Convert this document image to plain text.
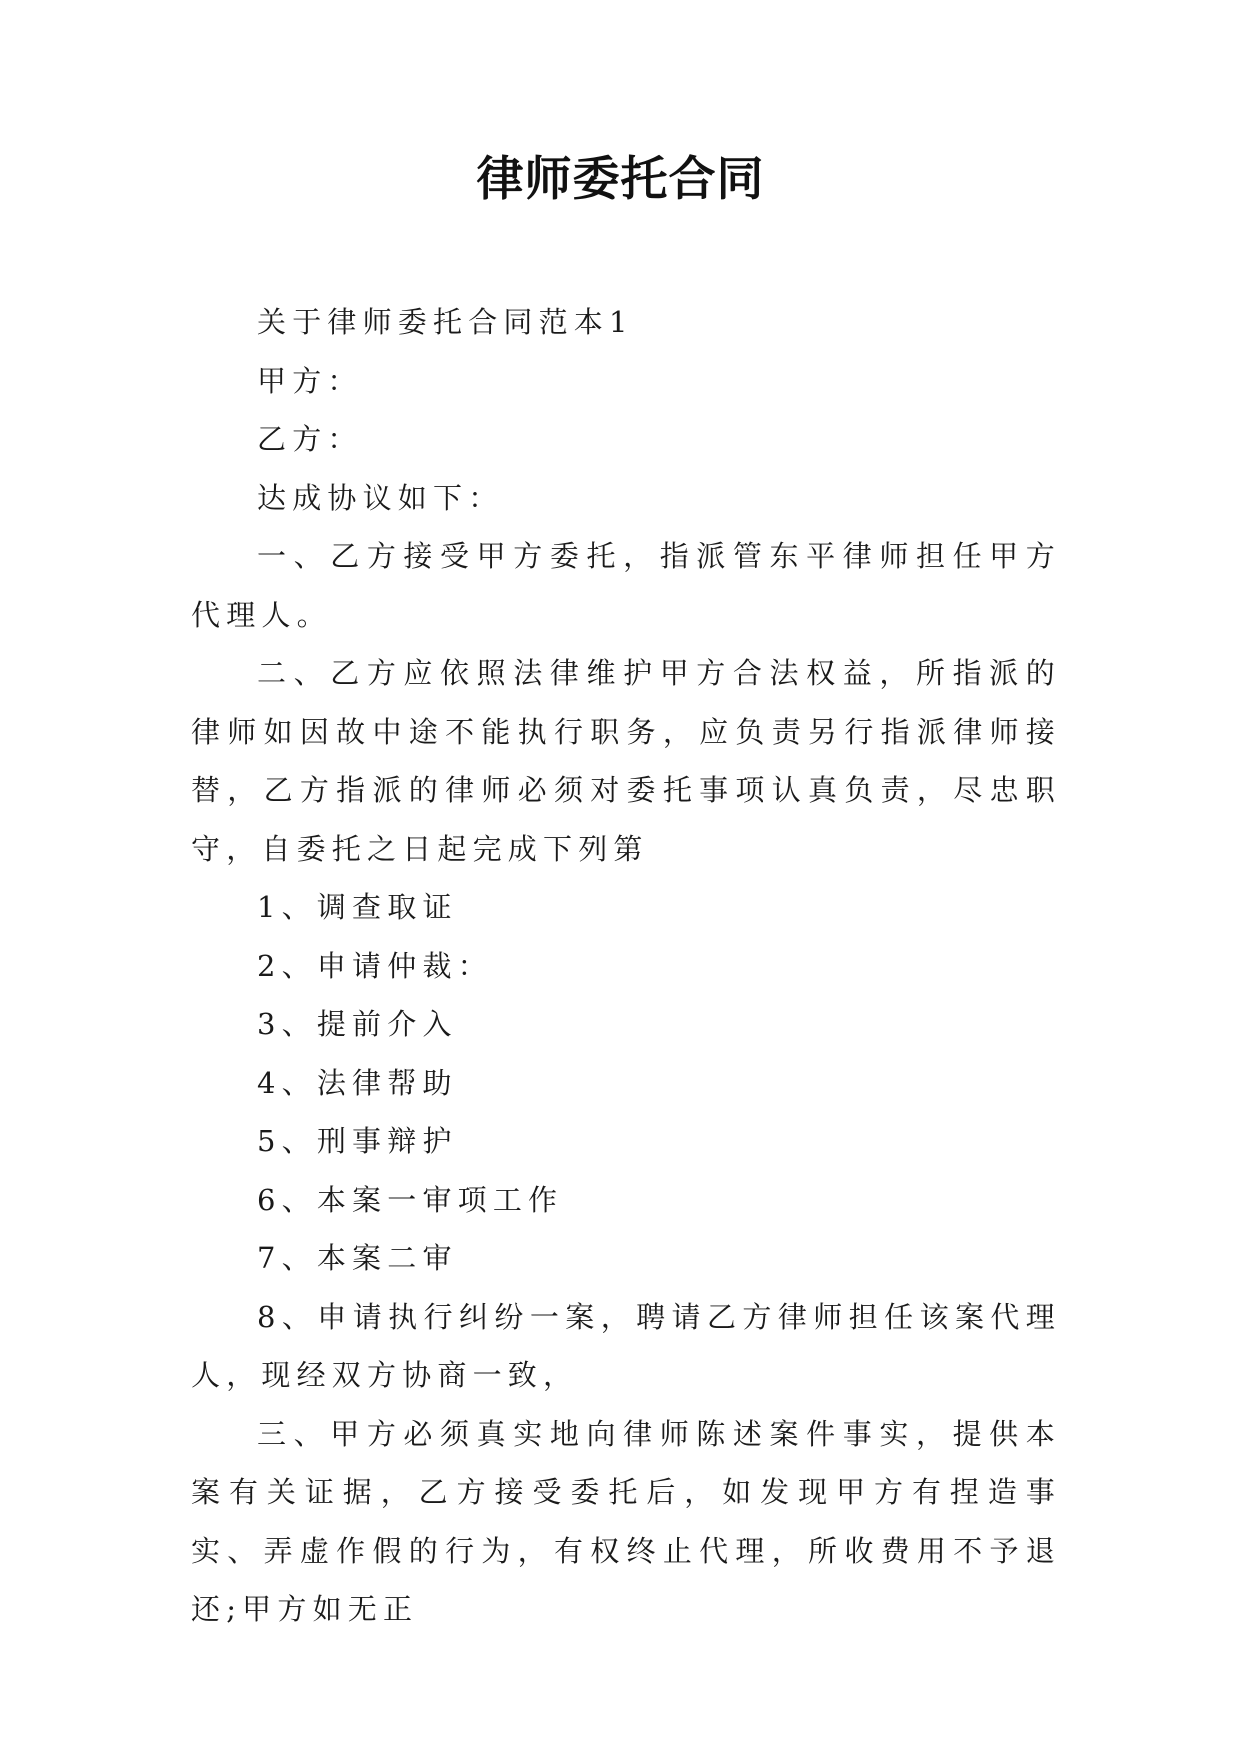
律师委托合同

关于律师委托合同范本1

甲方：

乙方：

达成协议如下：

一、乙方接受甲方委托，指派管东平律师担任甲方代理人。

二、乙方应依照法律维护甲方合法权益，所指派的律师如因故中途不能执行职务，应负责另行指派律师接替，乙方指派的律师必须对委托事项认真负责，尽忠职守，自委托之日起完成下列第

1、调查取证

2、申请仲裁：

3、提前介入

4、法律帮助

5、刑事辩护

6、本案一审项工作

7、本案二审

8、申请执行纠纷一案，聘请乙方律师担任该案代理人，现经双方协商一致，

三、甲方必须真实地向律师陈述案件事实，提供本案有关证据，乙方接受委托后，如发现甲方有捏造事实、弄虚作假的行为，有权终止代理，所收费用不予退还;甲方如无正
